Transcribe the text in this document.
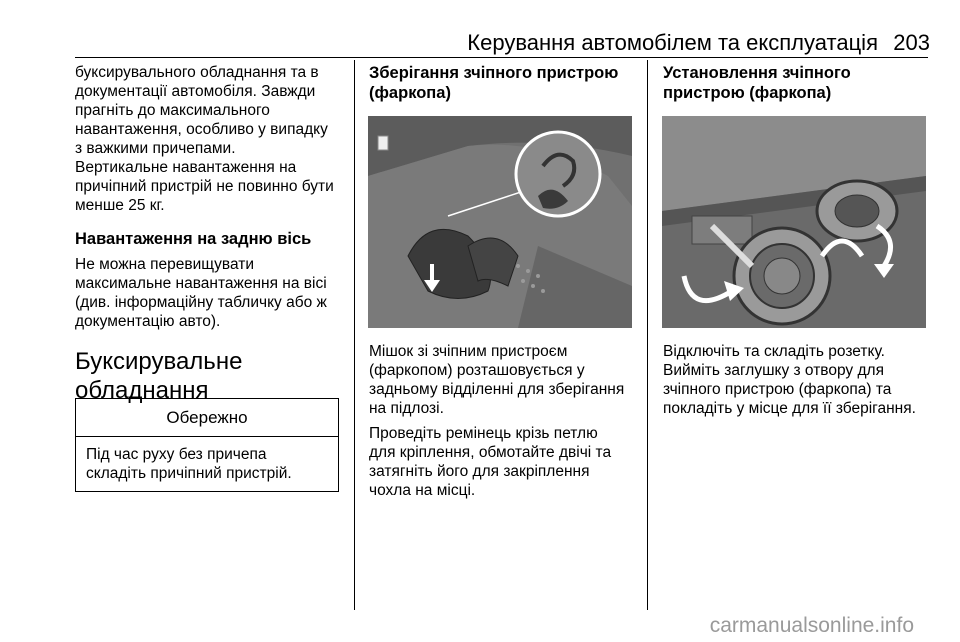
Керування автомобілем та експлуатація 203
буксирувального обладнання та в
документації автомобіля. Завжди
прагніть до максимального
навантаження, особливо у випадку
з важкими причепами.
Вертикальне навантаження на
причіпний пристрій не повинно бути
менше 25 кг.
Навантаження на задню вісь
Не можна перевищувати
максимальне навантаження на вісі
(див. інформаційну табличку або ж
документацію авто).
Буксирувальне
обладнання
Обережно
Під час руху без причепа
складіть причіпний пристрій.
Зберігання зчіпного пристрою
(фаркопа)
Мішок зі зчіпним пристроєм
(фаркопом) розташовується у
задньому відділенні для зберігання
на підлозі.
Проведіть ремінець крізь петлю
для кріплення, обмотайте двічі та
затягніть його для закріплення
чохла на місці.
Установлення зчіпного
пристрою (фаркопа)
Відключіть та складіть розетку.
Вийміть заглушку з отвору для
зчіпного пристрою (фаркопа) та
покладіть у місце для її зберігання.
carmanualsonline.info
